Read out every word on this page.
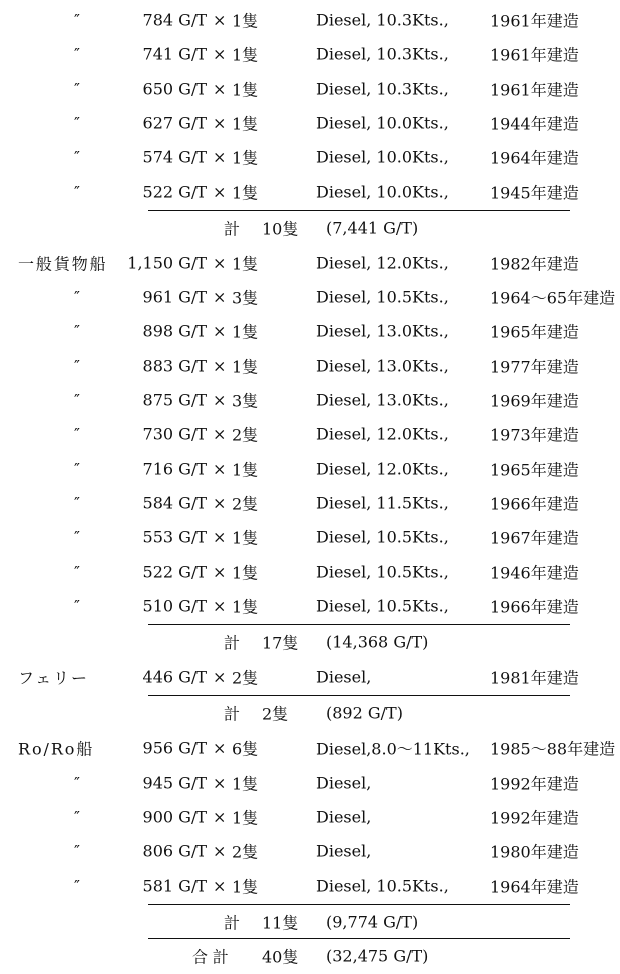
″	784 G/T × 1隻	Diesel, 10.3Kts.,	1961年建造
″	741 G/T × 1隻	Diesel, 10.3Kts.,	1961年建造
″	650 G/T × 1隻	Diesel, 10.3Kts.,	1961年建造
″	627 G/T × 1隻	Diesel, 10.0Kts.,	1944年建造
″	574 G/T × 1隻	Diesel, 10.0Kts.,	1964年建造
″	522 G/T × 1隻	Diesel, 10.0Kts.,	1945年建造
計 10隻 (7,441 G/T)
一般貨物船 1,150 G/T × 1隻	Diesel, 12.0Kts.,	1982年建造
″	961 G/T × 3隻	Diesel, 10.5Kts.,	1964～65年建造
″	898 G/T × 1隻	Diesel, 13.0Kts.,	1965年建造
″	883 G/T × 1隻	Diesel, 13.0Kts.,	1977年建造
″	875 G/T × 3隻	Diesel, 13.0Kts.,	1969年建造
″	730 G/T × 2隻	Diesel, 12.0Kts.,	1973年建造
″	716 G/T × 1隻	Diesel, 12.0Kts.,	1965年建造
″	584 G/T × 2隻	Diesel, 11.5Kts.,	1966年建造
″	553 G/T × 1隻	Diesel, 10.5Kts.,	1967年建造
″	522 G/T × 1隻	Diesel, 10.5Kts.,	1946年建造
″	510 G/T × 1隻	Diesel, 10.5Kts.,	1966年建造
計 17隻 (14,368 G/T)
フェリー	446 G/T × 2隻	Diesel,	1981年建造
計 2隻 (892 G/T)
Ro/Ro船	956 G/T × 6隻	Diesel,8.0～11Kts., 1985～88年建造
″	945 G/T × 1隻	Diesel,	1992年建造
″	900 G/T × 1隻	Diesel,	1992年建造
″	806 G/T × 2隻	Diesel,	1980年建造
″	581 G/T × 1隻	Diesel, 10.5Kts.,	1964年建造
計 11隻 (9,774 G/T)
合計 40隻 (32,475 G/T)
